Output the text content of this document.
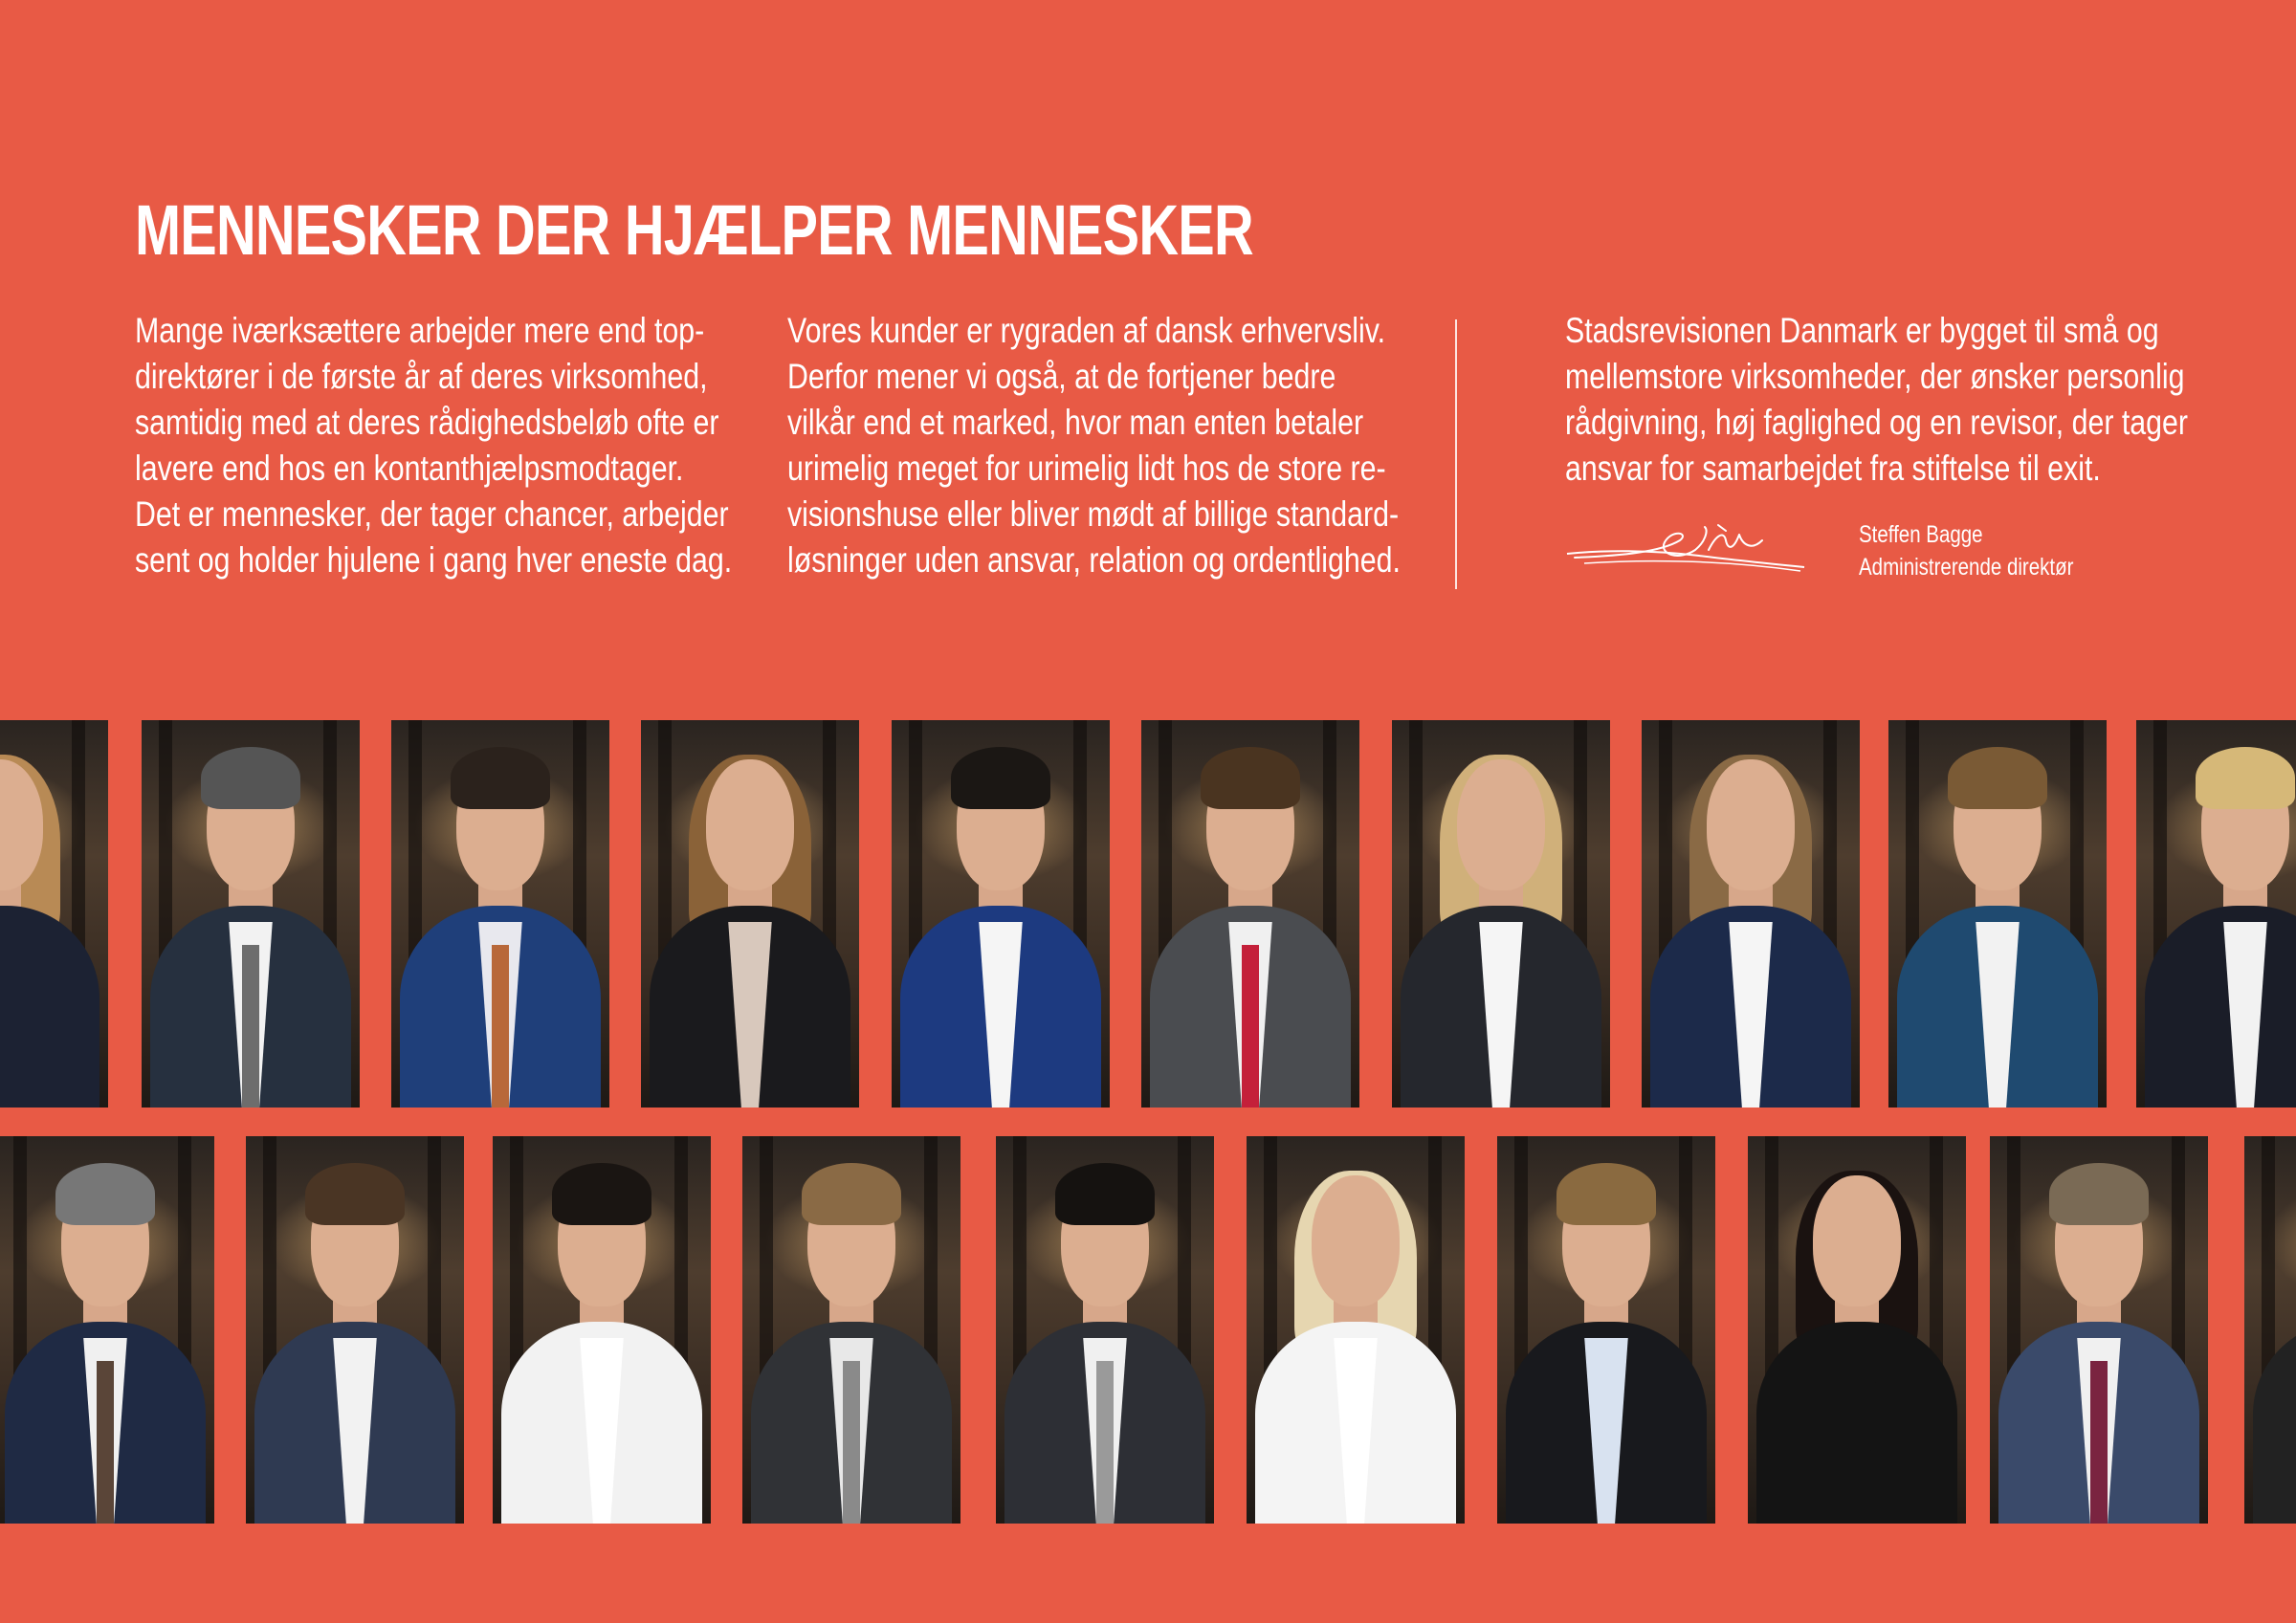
MENNESKER DER HJÆLPER MENNESKER

Mange iværksættere arbejder mere end top-

direktører i de første år af deres virksomhed,

samtidig med at deres rådighedsbeløb ofte er

lavere end hos en kontanthjælpsmodtager.

Det er mennesker, der tager chancer, arbejder

sent og holder hjulene i gang hver eneste dag.

Vores kunder er rygraden af dansk erhvervsliv.

Derfor mener vi også, at de fortjener bedre

vilkår end et marked, hvor man enten betaler

urimelig meget for urimelig lidt hos de store re-

visionshuse eller bliver mødt af billige standard-

løsninger uden ansvar, relation og ordentlighed.

Stadsrevisionen Danmark er bygget til små og

mellemstore virksomheder, der ønsker personlig

rådgivning, høj faglighed og en revisor, der tager

ansvar for samarbejdet fra stiftelse til exit.

Steffen Bagge
Administrerende direktør
